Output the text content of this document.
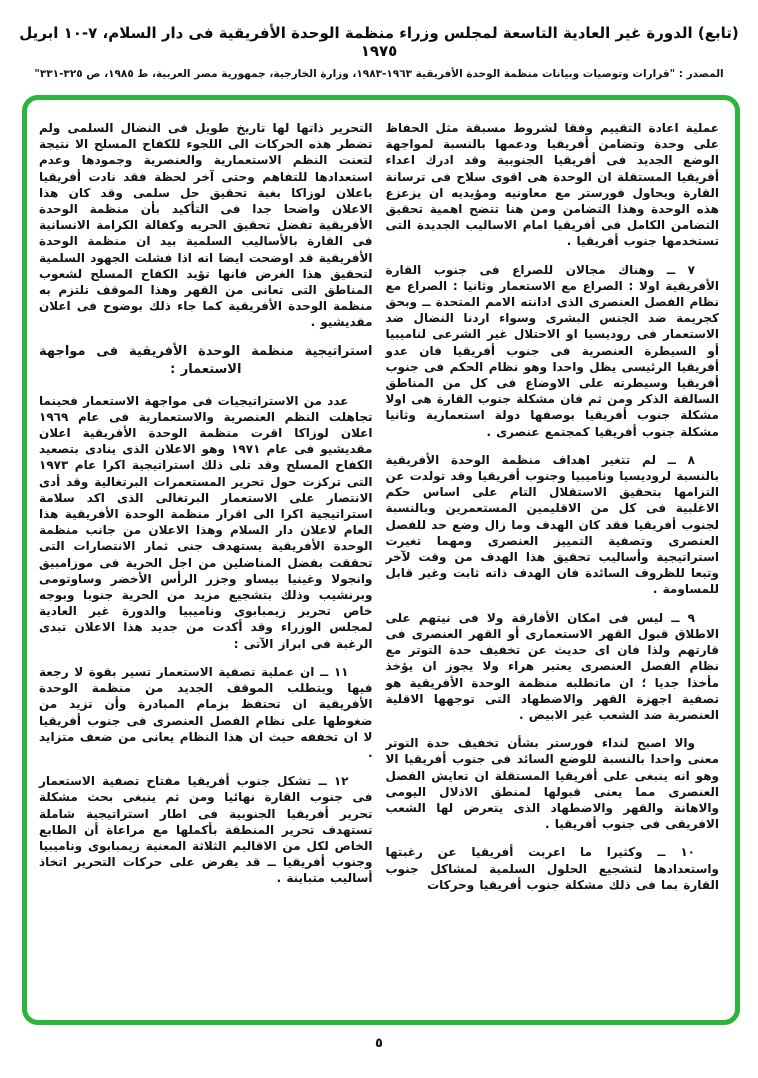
(تابع) الدورة غير العادية التاسعة لمجلس وزراء منظمة الوحدة الأفريقية فى دار السلام، ٧-١٠ ابريل ١٩٧٥
المصدر : "قرارات وتوصيات وبيانات منظمة الوحدة الأفريقية ١٩٦٣-١٩٨٣، وزارة الخارجية، جمهورية مصر العربية، ط ١٩٨٥، ص ٣٢٥-٣٣١"

عملية اعادة التقييم وفقا لشروط مسبقة مثل الحفاظ على وحدة وتضامن أفريقيا ودعمها بالنسبة لمواجهة الوضع الجديد فى أفريقيا الجنوبية وقد ادرك اعداء أفريقيا المستقلة ان الوحدة هى اقوى سلاح فى ترسانة القارة ويحاول فورستر مع معاونيه ومؤيديه ان يزعزع هذه الوحدة وهذا التضامن ومن هنا تتضح اهمية تحقيق التضامن الكامل فى أفريقيا امام الاساليب الجديدة التى تستخدمها جنوب أفريقيا .

٧ ــ وهناك مجالان للصراع فى جنوب القارة الأفريقية اولا : الصراع مع الاستعمار وثانيا : الصراع مع نظام الفصل العنصرى الذى ادانته الامم المتحدة ــ وبحق كجريمة ضد الجنس البشرى وسواء اردنا النضال ضد الاستعمار فى روديسيا او الاحتلال غير الشرعى لناميبيا أو السيطرة العنصرية فى جنوب أفريقيا فان عدو أفريقيا الرئيسى يظل واحدا وهو نظام الحكم فى جنوب أفريقيا وسيطرته على الاوضاع فى كل من المناطق السالفة الذكر ومن ثم فان مشكلة جنوب القارة هى اولا مشكلة جنوب أفريقيا بوصفها دولة استعمارية وثانيا مشكلة جنوب أفريقيا كمجتمع عنصرى .

٨ ــ لم تتغير اهداف منظمة الوحدة الأفريقية بالنسبة لروديسيا وناميبيا وجنوب أفريقيا وقد تولدت عن التزامها بتحقيق الاستقلال التام على اساس حكم الاغلبية فى كل من الاقليمين المستعمرين وبالنسبة لجنوب أفريقيا فقد كان الهدف وما زال وضع حد للفصل العنصرى وتصفية التمييز العنصرى ومهما تغيرت استراتيجية وأساليب تحقيق هذا الهدف من وقت لآخر وتبعا للظروف السائدة فان الهدف ذاته ثابت وغير قابل للمساومة .

٩ ــ ليس فى امكان الأفارقة ولا فى نيتهم على الاطلاق قبول القهر الاستعمارى أو القهر العنصرى فى قارتهم ولذا فان اى حديث عن تخفيف حدة التوتر مع نظام الفصل العنصرى يعتبر هراء ولا يجوز ان يؤخذ مأخذا جديا ؛ ان ماتطلبه منظمة الوحدة الأفريقية هو تصفية اجهزة القهر والاضطهاد التى توجهها الاقلية العنصرية ضد الشعب غير الابيض .

والا اصبح لنداء فورستر بشأن تخفيف حدة التوتر معنى واحدا بالنسبة للوضع السائد فى جنوب أفريقيا الا وهو انه ينبغى على أفريقيا المستقلة ان تعايش الفصل العنصرى مما يعنى قبولها لمنطق الاذلال اليومى والاهانة والقهر والاضطهاد الذى يتعرض لها الشعب الافريقى فى جنوب أفريقيا .

١٠ ــ وكثيرا ما اعربت أفريقيا عن رغبتها واستعدادها لتشجيع الحلول السلمية لمشاكل جنوب القارة بما فى ذلك مشكلة جنوب أفريقيا وحركات

التحرير ذاتها لها تاريخ طويل فى النضال السلمى ولم تضطر هذه الحركات الى اللجوء للكفاح المسلح الا نتيجة لتعنت النظم الاستعمارية والعنصرية وجمودها وعدم استعدادها للتفاهم وحتى آخر لحظة فقد نادت أفريقيا باعلان لوزاكا بغية تحقيق حل سلمى وقد كان هذا الاعلان واضحا جدا فى التأكيد بأن منظمة الوحدة الأفريقية تفضل تحقيق الحريه وكفالة الكرامة الانسانية فى القارة بالأساليب السلمية بيد ان منظمة الوحدة الأفريقية قد اوضحت ايضا انه اذا فشلت الجهود السلمية لتحقيق هذا الغرض فانها تؤيد الكفاح المسلح لشعوب المناطق التى تعانى من القهر وهذا الموقف تلتزم به منظمة الوحدة الأفريقية كما جاء ذلك بوضوح فى اعلان مقديشيو .

استراتيجية منظمة الوحدة الأفريقية فى مواجهة الاستعمار :

عدد من الاستراتيجيات فى مواجهة الاستعمار فحينما تجاهلت النظم العنصرية والاستعمارية فى عام ١٩٦٩ اعلان لوزاكا اقرت منظمة الوحدة الأفريقية اعلان مقديشيو فى عام ١٩٧١ وهو الاعلان الذى ينادى بتصعيد الكفاح المسلح وقد تلى ذلك استراتيجية اكرا عام ١٩٧٣ التى تركزت حول تحرير المستعمرات البرتغالية وقد أدى الانتصار على الاستعمار البرتغالى الذى اكد سلامة استراتيجية اكرا الى اقرار منظمة الوحدة الأفريقية هذا العام لاعلان دار السلام وهذا الاعلان من جانب منظمة الوحدة الأفريقية يستهدف جنى ثمار الانتصارات التى تحققت بفضل المناضلين من اجل الحرية فى موزامبيق وانجولا وغينيا بيساو وجزر الرأس الأخضر وساوتومى وبرنشيب وذلك بتشجيع مزيد من الحرية جنوبا وبوجه خاص تحرير زيمبابوى وناميبيا والدورة غير العادية لمجلس الوزراء وقد أكدت من جديد هذا الاعلان تبدى الرغبة فى ابراز الآتى :

١١ ــ ان عملية تصفية الاستعمار تسير بقوة لا رجعة فيها ويتطلب الموقف الجديد من منظمة الوحدة الأفريقية ان تحتفظ بزمام المبادرة وأن تزيد من ضغوطها على نظام الفصل العنصرى فى جنوب أفريقيا لا ان تخففه حيث ان هذا النظام يعانى من ضعف متزايد .

١٢ ــ تشكل جنوب أفريقيا مفتاح تصفية الاستعمار فى جنوب القارة نهائيا ومن ثم ينبغى بحث مشكلة تحرير أفريقيا الجنوبية فى اطار استراتيجية شاملة تستهدف تحرير المنطقة بأكملها مع مراعاة أن الطابع الخاص لكل من الاقاليم الثلاثة المعنية زيمبابوى وناميبيا وجنوب أفريقيا ــ قد يفرض على حركات التحرير اتخاذ أساليب متباينة .

٥
